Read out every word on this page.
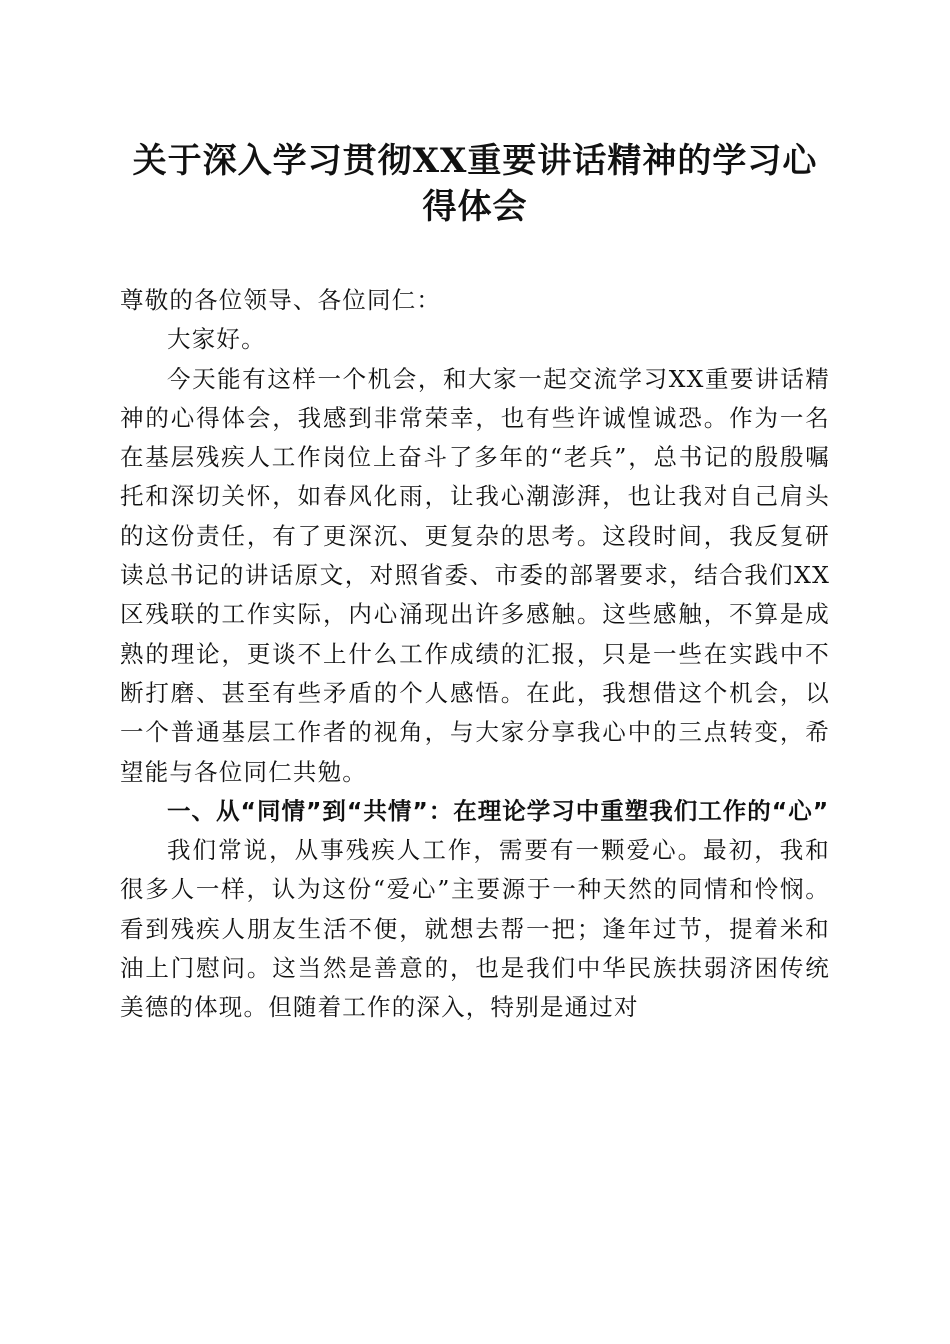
关于深入学习贯彻XX重要讲话精神的学习心
得体会

尊敬的各位领导、各位同仁：

大家好。

今天能有这样一个机会，和大家一起交流学习XX重要讲话精神的心得体会，我感到非常荣幸，也有些许诚惶诚恐。作为一名在基层残疾人工作岗位上奋斗了多年的“老兵”，总书记的殷殷嘱托和深切关怀，如春风化雨，让我心潮澎湃，也让我对自己肩头的这份责任，有了更深沉、更复杂的思考。这段时间，我反复研读总书记的讲话原文，对照省委、市委的部署要求，结合我们XX区残联的工作实际，内心涌现出许多感触。这些感触，不算是成熟的理论，更谈不上什么工作成绩的汇报，只是一些在实践中不断打磨、甚至有些矛盾的个人感悟。在此，我想借这个机会，以一个普通基层工作者的视角，与大家分享我心中的三点转变，希望能与各位同仁共勉。

一、从“同情”到“共情”：在理论学习中重塑我们工作的“心”

我们常说，从事残疾人工作，需要有一颗爱心。最初，我和很多人一样，认为这份“爱心”主要源于一种天然的同情和怜悯。看到残疾人朋友生活不便，就想去帮一把；逢年过节，提着米和油上门慰问。这当然是善意的，也是我们中华民族扶弱济困传统美德的体现。但随着工作的深入，特别是通过对
